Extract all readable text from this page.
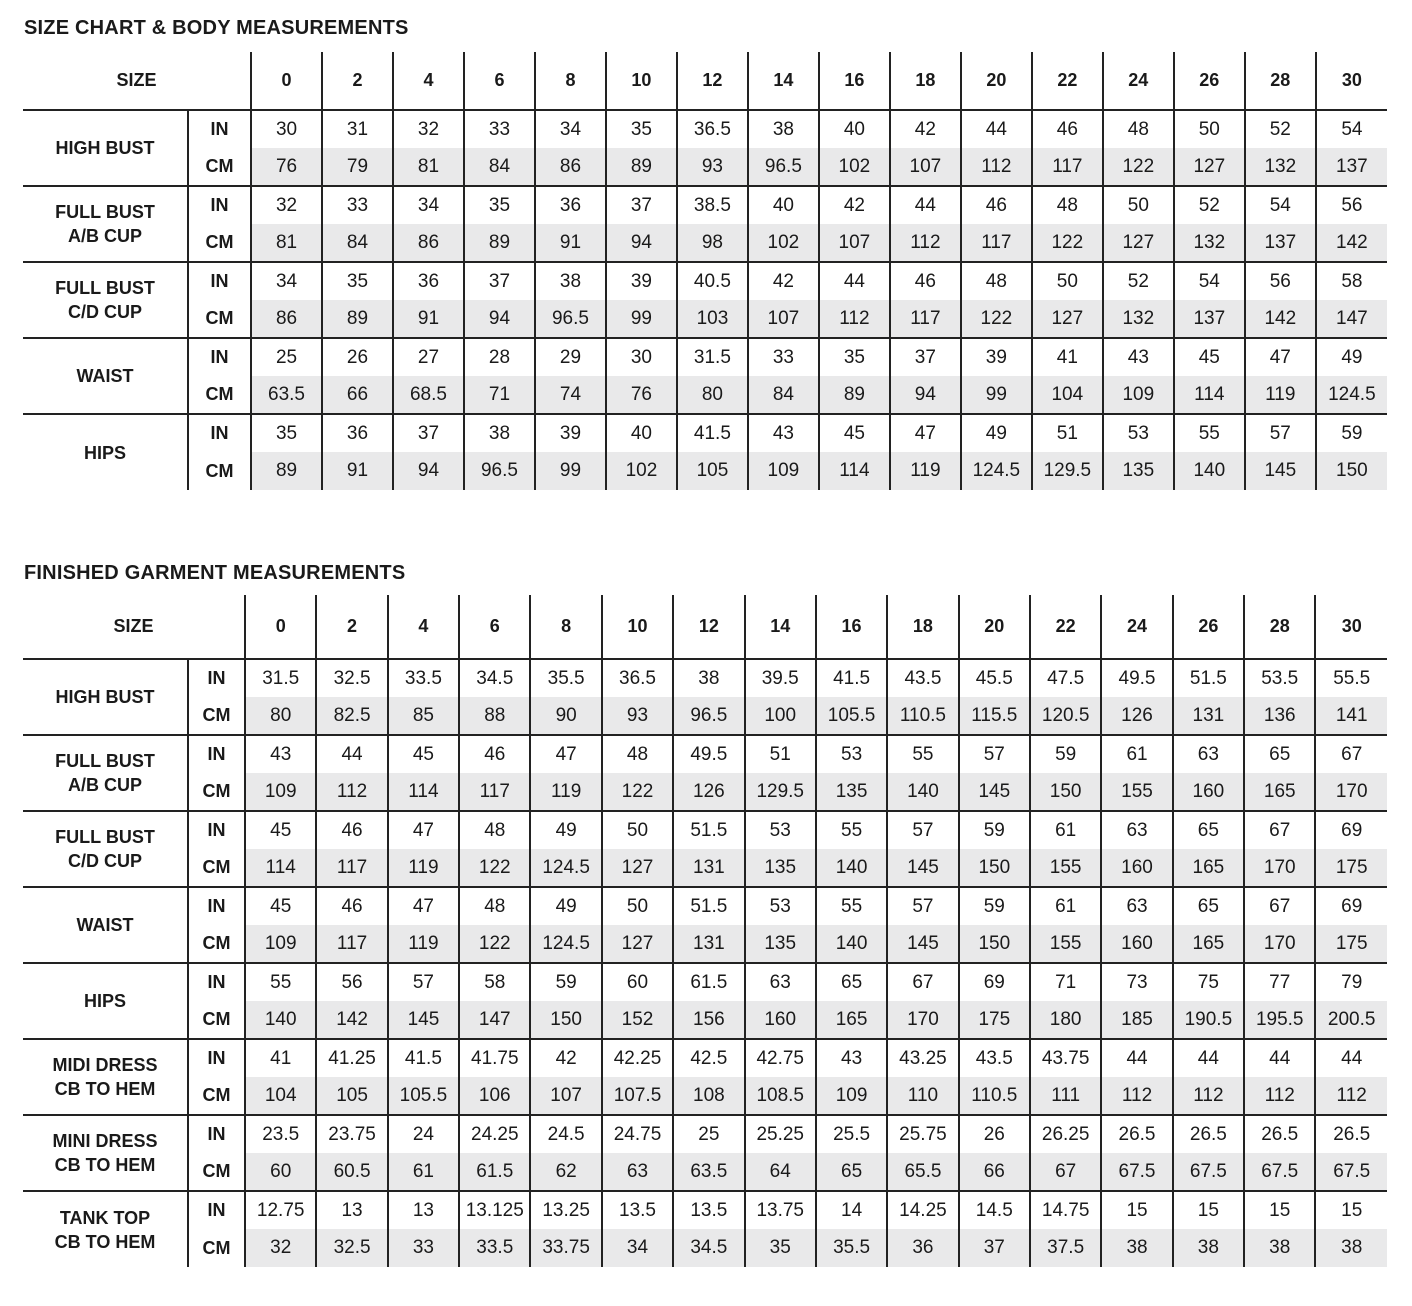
SIZE CHART & BODY MEASUREMENTS
SIZE		0	2	4	6	8	10	12	14	16	18	20	22	24	26	28	30

HIGH BUST	IN	30	31	32	33	34	35	36.5	38	40	42	44	46	48	50	52	54
	CM	76	79	81	84	86	89	93	96.5	102	107	112	117	122	127	132	137

FULL BUST
A/B CUP	IN	32	33	34	35	36	37	38.5	40	42	44	46	48	50	52	54	56
	CM	81	84	86	89	91	94	98	102	107	112	117	122	127	132	137	142

FULL BUST
C/D CUP	IN	34	35	36	37	38	39	40.5	42	44	46	48	50	52	54	56	58
	CM	86	89	91	94	96.5	99	103	107	112	117	122	127	132	137	142	147

WAIST	IN	25	26	27	28	29	30	31.5	33	35	37	39	41	43	45	47	49
	CM	63.5	66	68.5	71	74	76	80	84	89	94	99	104	109	114	119	124.5

HIPS	IN	35	36	37	38	39	40	41.5	43	45	47	49	51	53	55	57	59
	CM	89	91	94	96.5	99	102	105	109	114	119	124.5	129.5	135	140	145	150
FINISHED GARMENT MEASUREMENTS
SIZE		0	2	4	6	8	10	12	14	16	18	20	22	24	26	28	30

HIGH BUST	IN	31.5	32.5	33.5	34.5	35.5	36.5	38	39.5	41.5	43.5	45.5	47.5	49.5	51.5	53.5	55.5
	CM	80	82.5	85	88	90	93	96.5	100	105.5	110.5	115.5	120.5	126	131	136	141

FULL BUST
A/B CUP	IN	43	44	45	46	47	48	49.5	51	53	55	57	59	61	63	65	67
	CM	109	112	114	117	119	122	126	129.5	135	140	145	150	155	160	165	170

FULL BUST
C/D CUP	IN	45	46	47	48	49	50	51.5	53	55	57	59	61	63	65	67	69
	CM	114	117	119	122	124.5	127	131	135	140	145	150	155	160	165	170	175

WAIST	IN	45	46	47	48	49	50	51.5	53	55	57	59	61	63	65	67	69
	CM	109	117	119	122	124.5	127	131	135	140	145	150	155	160	165	170	175

HIPS	IN	55	56	57	58	59	60	61.5	63	65	67	69	71	73	75	77	79
	CM	140	142	145	147	150	152	156	160	165	170	175	180	185	190.5	195.5	200.5

MIDI DRESS
CB TO HEM	IN	41	41.25	41.5	41.75	42	42.25	42.5	42.75	43	43.25	43.5	43.75	44	44	44	44
	CM	104	105	105.5	106	107	107.5	108	108.5	109	110	110.5	111	112	112	112	112

MINI DRESS
CB TO HEM	IN	23.5	23.75	24	24.25	24.5	24.75	25	25.25	25.5	25.75	26	26.25	26.5	26.5	26.5	26.5
	CM	60	60.5	61	61.5	62	63	63.5	64	65	65.5	66	67	67.5	67.5	67.5	67.5

TANK TOP
CB TO HEM	IN	12.75	13	13	13.125	13.25	13.5	13.5	13.75	14	14.25	14.5	14.75	15	15	15	15
	CM	32	32.5	33	33.5	33.75	34	34.5	35	35.5	36	37	37.5	38	38	38	38
